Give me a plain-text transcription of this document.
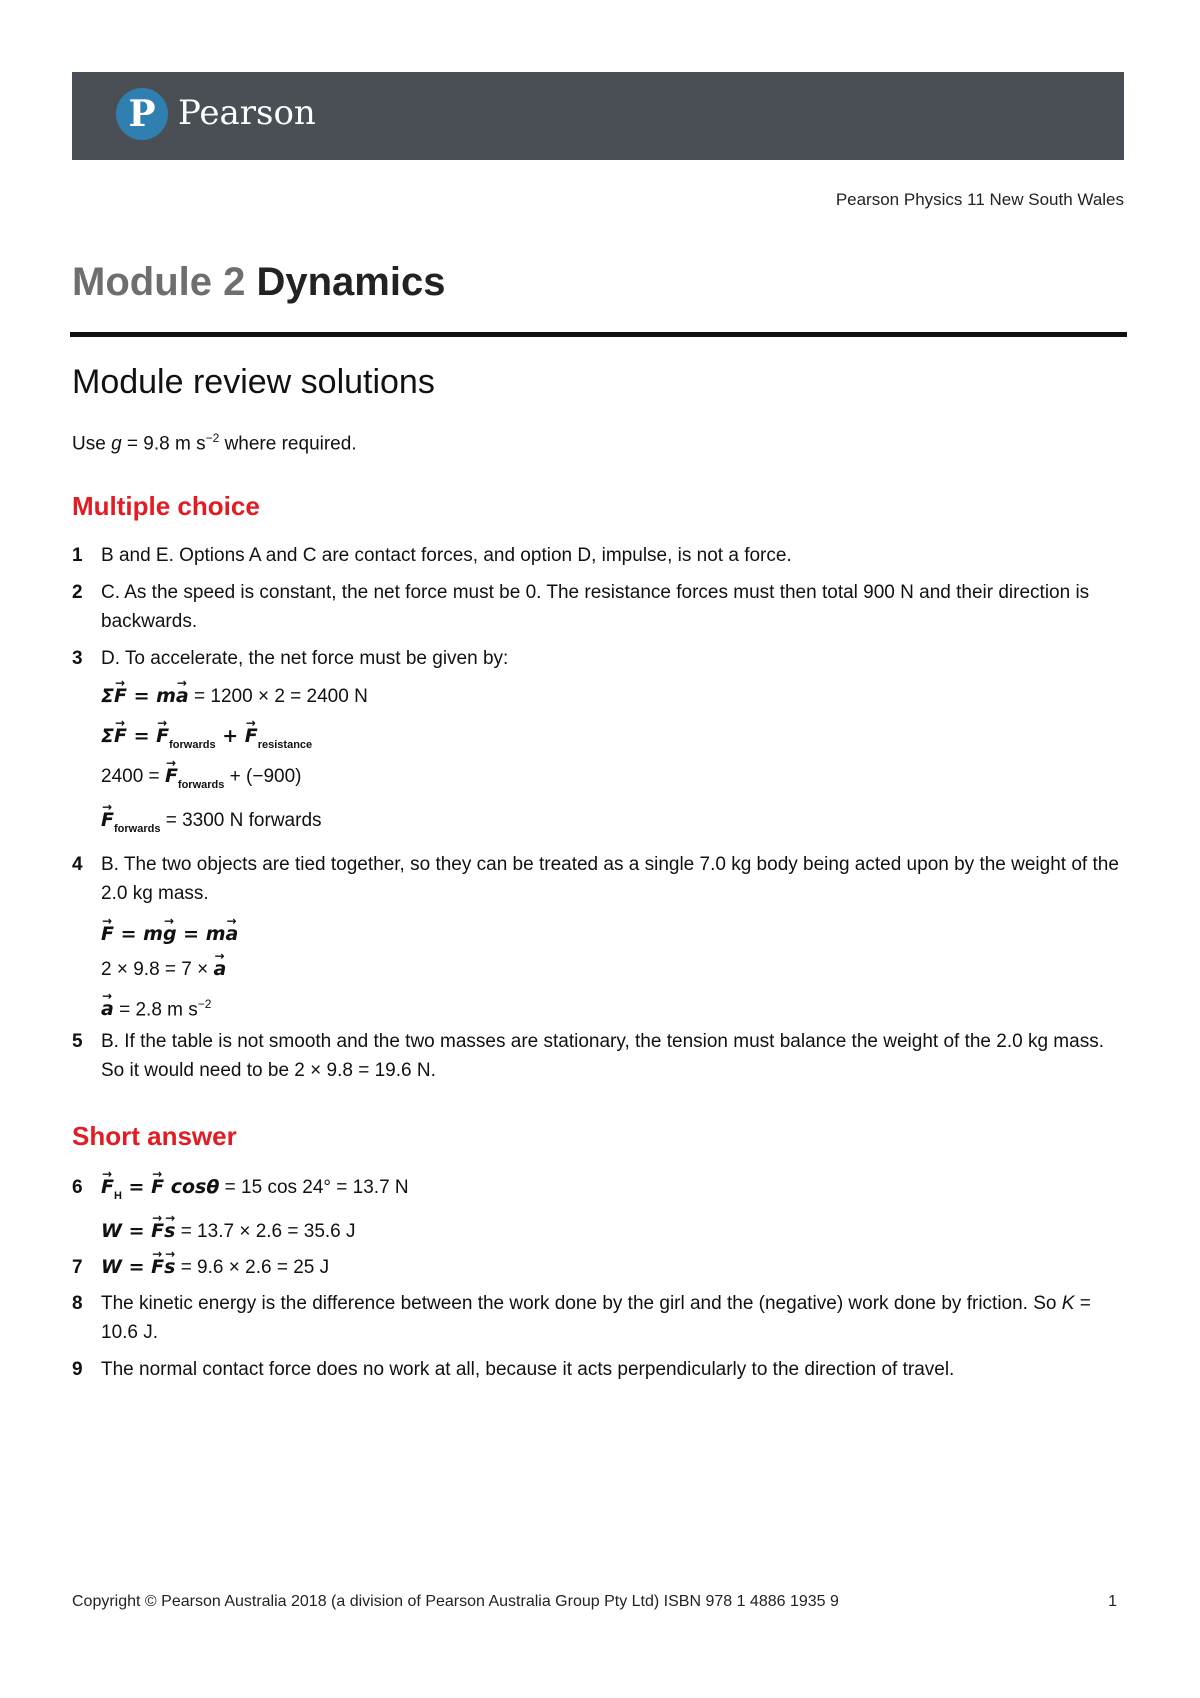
P Pearson
Pearson Physics 11 New South Wales
Module 2 Dynamics
Module review solutions

Use g = 9.8 m $s^{-2}$ where required.

Multiple choice
1 B and E. Options A and C are contact forces, and option D, impulse, is not a force.
2 C. As the speed is constant, the net force must be 0. The resistance forces must then total 900 N and their direction is backwards.
3 D. To accelerate, the net force must be given by:
Σ→ F = m→ a = 1200 × 2 = 2400 N
Σ→ F = → $F_{forwards}$ + → $F_{resistance}$
2400 = → $F_{forwards} + (-900)$
→ $F_{forwards} = 3300$ N forwards
4 B. The two objects are tied together, so they can be treated as a single 7.0 kg body being acted upon by the weight of the 2.0 kg mass.
→ F = m→ g = m→ a
2 × 9.8 = 7 × → a
→ a = 2.8 m $s^{-2}$
5 B. If the table is not smooth and the two masses are stationary, the tension must balance the weight of the 2.0 kg mass. So it would need to be 2 × 9.8 = 19.6 N.
Short answer
6
→ $F_H$ = → F cosθ = 15 cos 24° = 13.7 N
W = → F→ s = 13.7 × 2.6 = 35.6 J
7 W = → F→ s = 9.6 × 2.6 = 25 J
8 The kinetic energy is the difference between the work done by the girl and the (negative) work done by friction. So K = 10.6 J.
9 The normal contact force does no work at all, because it acts perpendicularly to the direction of travel.
Copyright © Pearson Australia 2018 (a division of Pearson Australia Group Pty Ltd) ISBN 978 1 4886 1935 9	1
